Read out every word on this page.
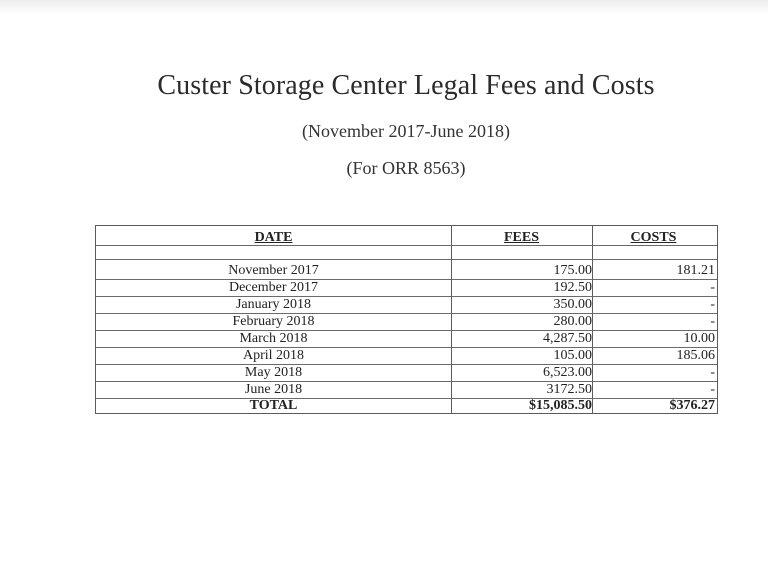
Custer Storage Center Legal Fees and Costs
(November 2017-June 2018)
(For ORR 8563)
DATE	FEES	COSTS
November 2017	175.00	181.21
December 2017	192.50	-
January 2018	350.00	-
February 2018	280.00	-
March 2018	4,287.50	10.00
April 2018	105.00	185.06
May 2018	6,523.00	-
June 2018	3172.50	-
TOTAL	$15,085.50	$376.27
